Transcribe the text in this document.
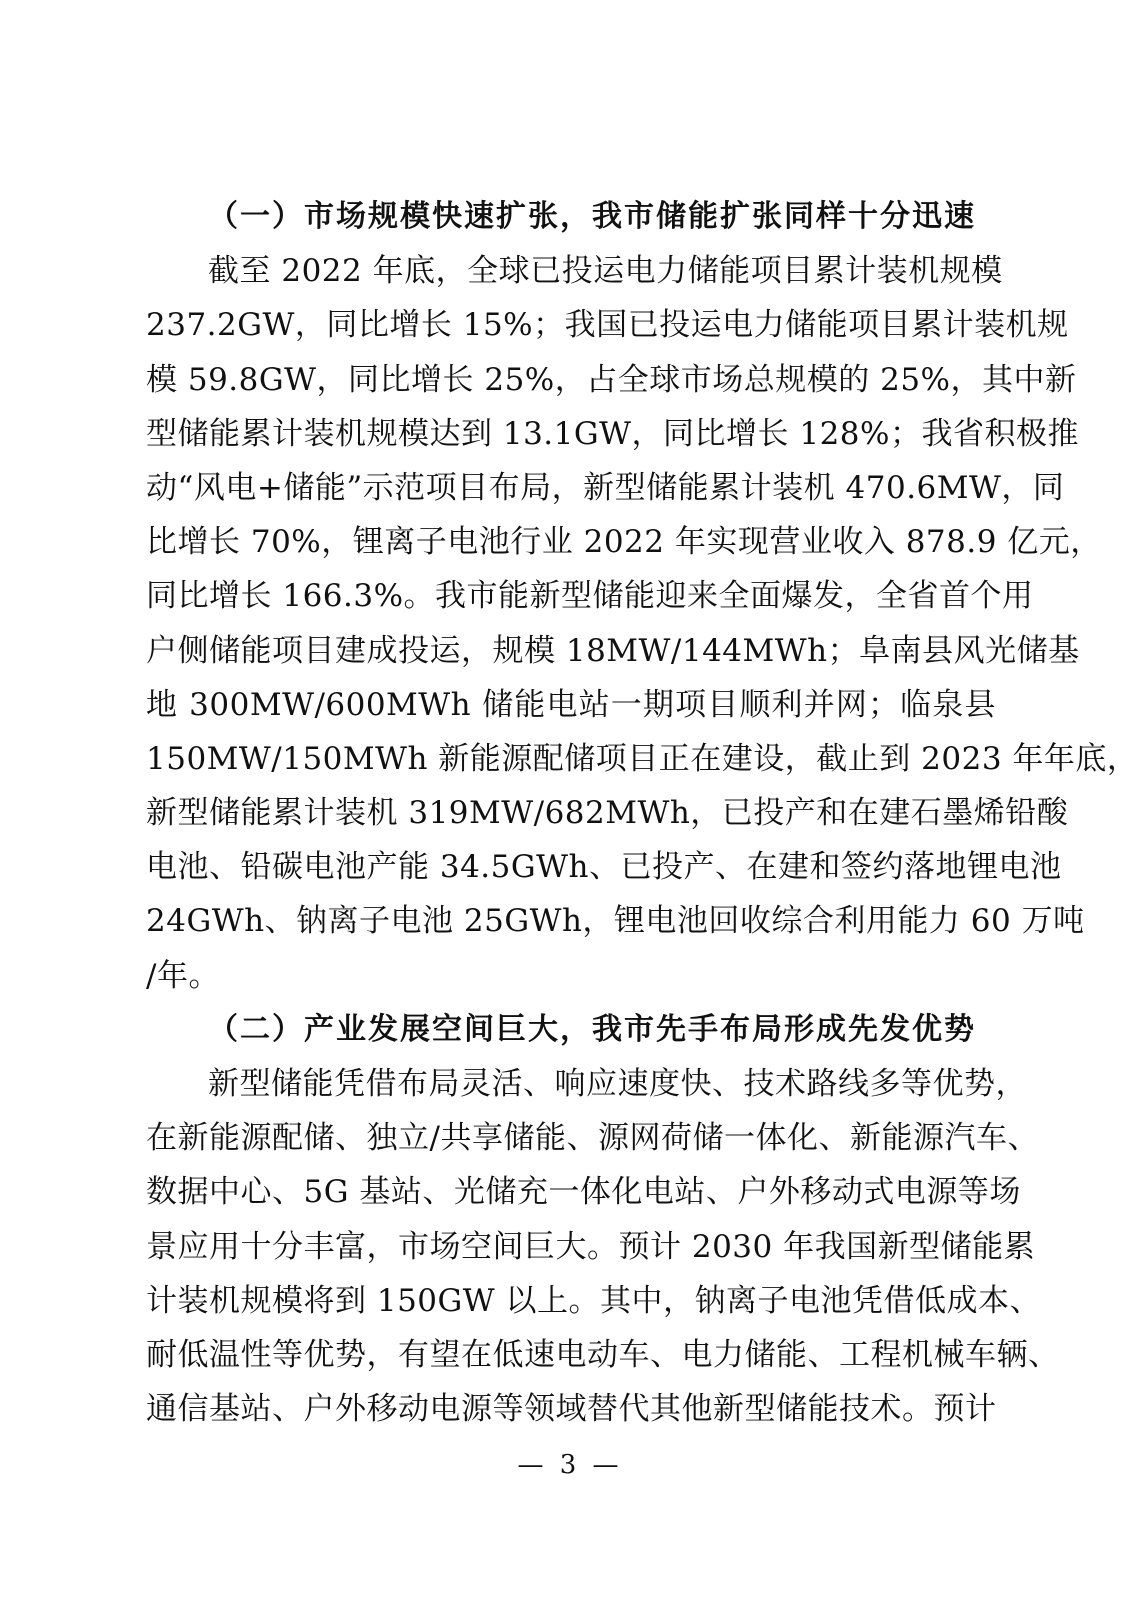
（一）市场规模快速扩张，我市储能扩张同样十分迅速
截至 2022 年底，全球已投运电力储能项目累计装机规模
237.2GW，同比增长 15%；我国已投运电力储能项目累计装机规
模 59.8GW，同比增长 25%，占全球市场总规模的 25%，其中新
型储能累计装机规模达到 13.1GW，同比增长 128%；我省积极推
动“风电+储能”示范项目布局，新型储能累计装机 470.6MW，同
比增长 70%，锂离子电池行业 2022 年实现营业收入 878.9 亿元，
同比增长 166.3%。我市能新型储能迎来全面爆发，全省首个用
户侧储能项目建成投运，规模 18MW/144MWh；阜南县风光储基
地 300MW/600MWh 储能电站一期项目顺利并网；临泉县
150MW/150MWh 新能源配储项目正在建设，截止到 2023 年年底，
新型储能累计装机 319MW/682MWh，已投产和在建石墨烯铅酸
电池、铅碳电池产能 34.5GWh、已投产、在建和签约落地锂电池
24GWh、钠离子电池 25GWh，锂电池回收综合利用能力 60 万吨
/年。
（二）产业发展空间巨大，我市先手布局形成先发优势
新型储能凭借布局灵活、响应速度快、技术路线多等优势，
在新能源配储、独立/共享储能、源网荷储一体化、新能源汽车、
数据中心、5G 基站、光储充一体化电站、户外移动式电源等场
景应用十分丰富，市场空间巨大。预计 2030 年我国新型储能累
计装机规模将到 150GW 以上。其中，钠离子电池凭借低成本、
耐低温性等优势，有望在低速电动车、电力储能、工程机械车辆、
通信基站、户外移动电源等领域替代其他新型储能技术。预计
— 3 —
